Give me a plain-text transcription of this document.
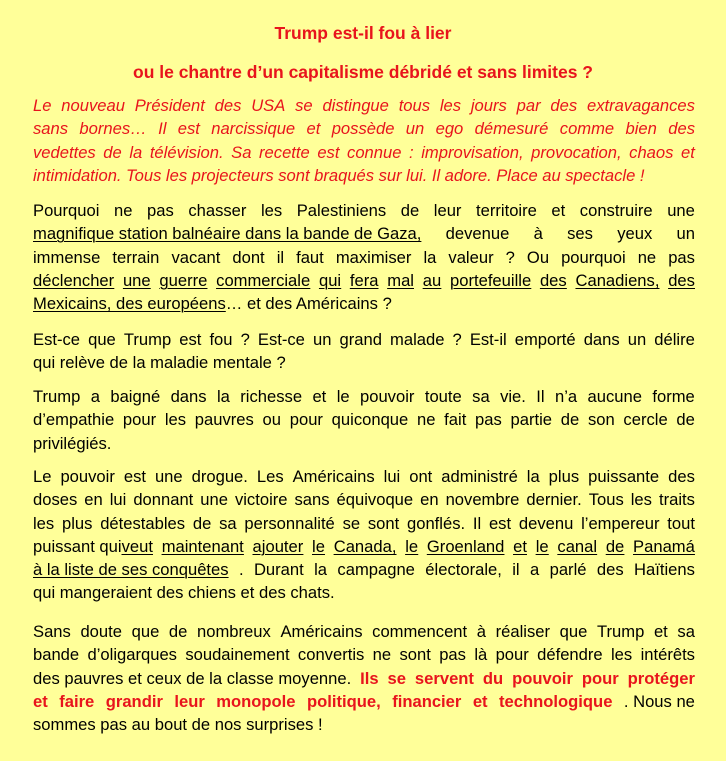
Trump est-il fou à lier
ou le chantre d’un capitalisme débridé et sans limites ?
Le nouveau Président des USA se distingue tous les jours par des extravagances
sans bornes… Il est narcissique et possède un ego démesuré comme bien des
vedettes de la télévision. Sa recette est connue : improvisation, provocation, chaos et
intimidation. Tous les projecteurs sont braqués sur lui. Il adore. Place au spectacle !
Pourquoi ne pas chasser les Palestiniens de leur territoire et construire une
magnifique station balnéaire dans la bande de Gaza, devenue à ses yeux un
immense terrain vacant dont il faut maximiser la valeur ? Ou pourquoi ne pas
déclencher une guerre commerciale qui fera mal au portefeuille des Canadiens, des
Mexicains, des européens … et des Américains ?
Est-ce que Trump est fou ? Est-ce un grand malade ? Est-il emporté dans un délire
qui relève de la maladie mentale ?
Trump a baigné dans la richesse et le pouvoir toute sa vie. Il n’a aucune forme
d’empathie pour les pauvres ou pour quiconque ne fait pas partie de son cercle de
privilégiés.
Le pouvoir est une drogue. Les Américains lui ont administré la plus puissante des
doses en lui donnant une victoire sans équivoque en novembre dernier. Tous les traits
les plus détestables de sa personnalité se sont gonflés. Il est devenu l’empereur tout
puissant qui veut maintenant ajouter le Canada, le Groenland et le canal de Panamá
à la liste de ses conquêtes . Durant la campagne électorale, il a parlé des Haïtiens
qui mangeraient des chiens et des chats.
Sans doute que de nombreux Américains commencent à réaliser que Trump et sa
bande d’oligarques soudainement convertis ne sont pas là pour défendre les intérêts
des pauvres et ceux de la classe moyenne. Ils se servent du pouvoir pour protéger
et faire grandir leur monopole politique, financier et technologique . Nous ne
sommes pas au bout de nos surprises !
